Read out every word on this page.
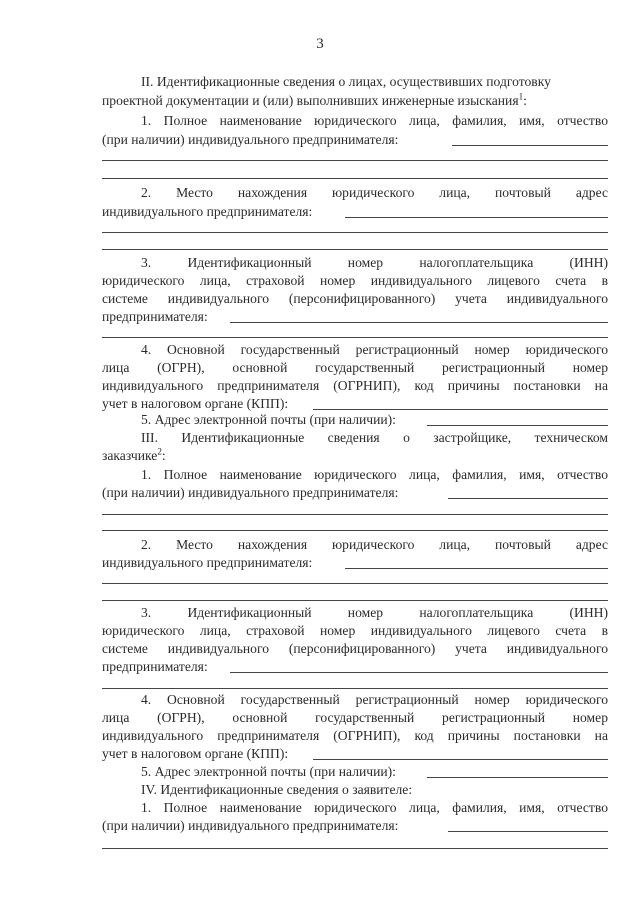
3
II. Идентификационные сведения о лицах, осуществивших подготовку
проектной документации и (или) выполнивших инженерные изыскания$^1$:
1. Полное наименование юридического лица, фамилия, имя, отчество
(при наличии) индивидуального предпринимателя:
2. Место нахождения юридического лица, почтовый адрес
индивидуального предпринимателя:
3. Идентификационный номер налогоплательщика (ИНН)
юридического лица, страховой номер индивидуального лицевого счета в
системе индивидуального (персонифицированного) учета индивидуального
предпринимателя:
4. Основной государственный регистрационный номер юридического
лица (ОГРН), основной государственный регистрационный номер
индивидуального предпринимателя (ОГРНИП), код причины постановки на
учет в налоговом органе (КПП):
5. Адрес электронной почты (при наличии):
III. Идентификационные сведения о застройщике, техническом
заказчике$^2$:
1. Полное наименование юридического лица, фамилия, имя, отчество
(при наличии) индивидуального предпринимателя:
2. Место нахождения юридического лица, почтовый адрес
индивидуального предпринимателя:
3. Идентификационный номер налогоплательщика (ИНН)
юридического лица, страховой номер индивидуального лицевого счета в
системе индивидуального (персонифицированного) учета индивидуального
предпринимателя:
4. Основной государственный регистрационный номер юридического
лица (ОГРН), основной государственный регистрационный номер
индивидуального предпринимателя (ОГРНИП), код причины постановки на
учет в налоговом органе (КПП):
5. Адрес электронной почты (при наличии):
IV. Идентификационные сведения о заявителе:
1. Полное наименование юридического лица, фамилия, имя, отчество
(при наличии) индивидуального предпринимателя:
